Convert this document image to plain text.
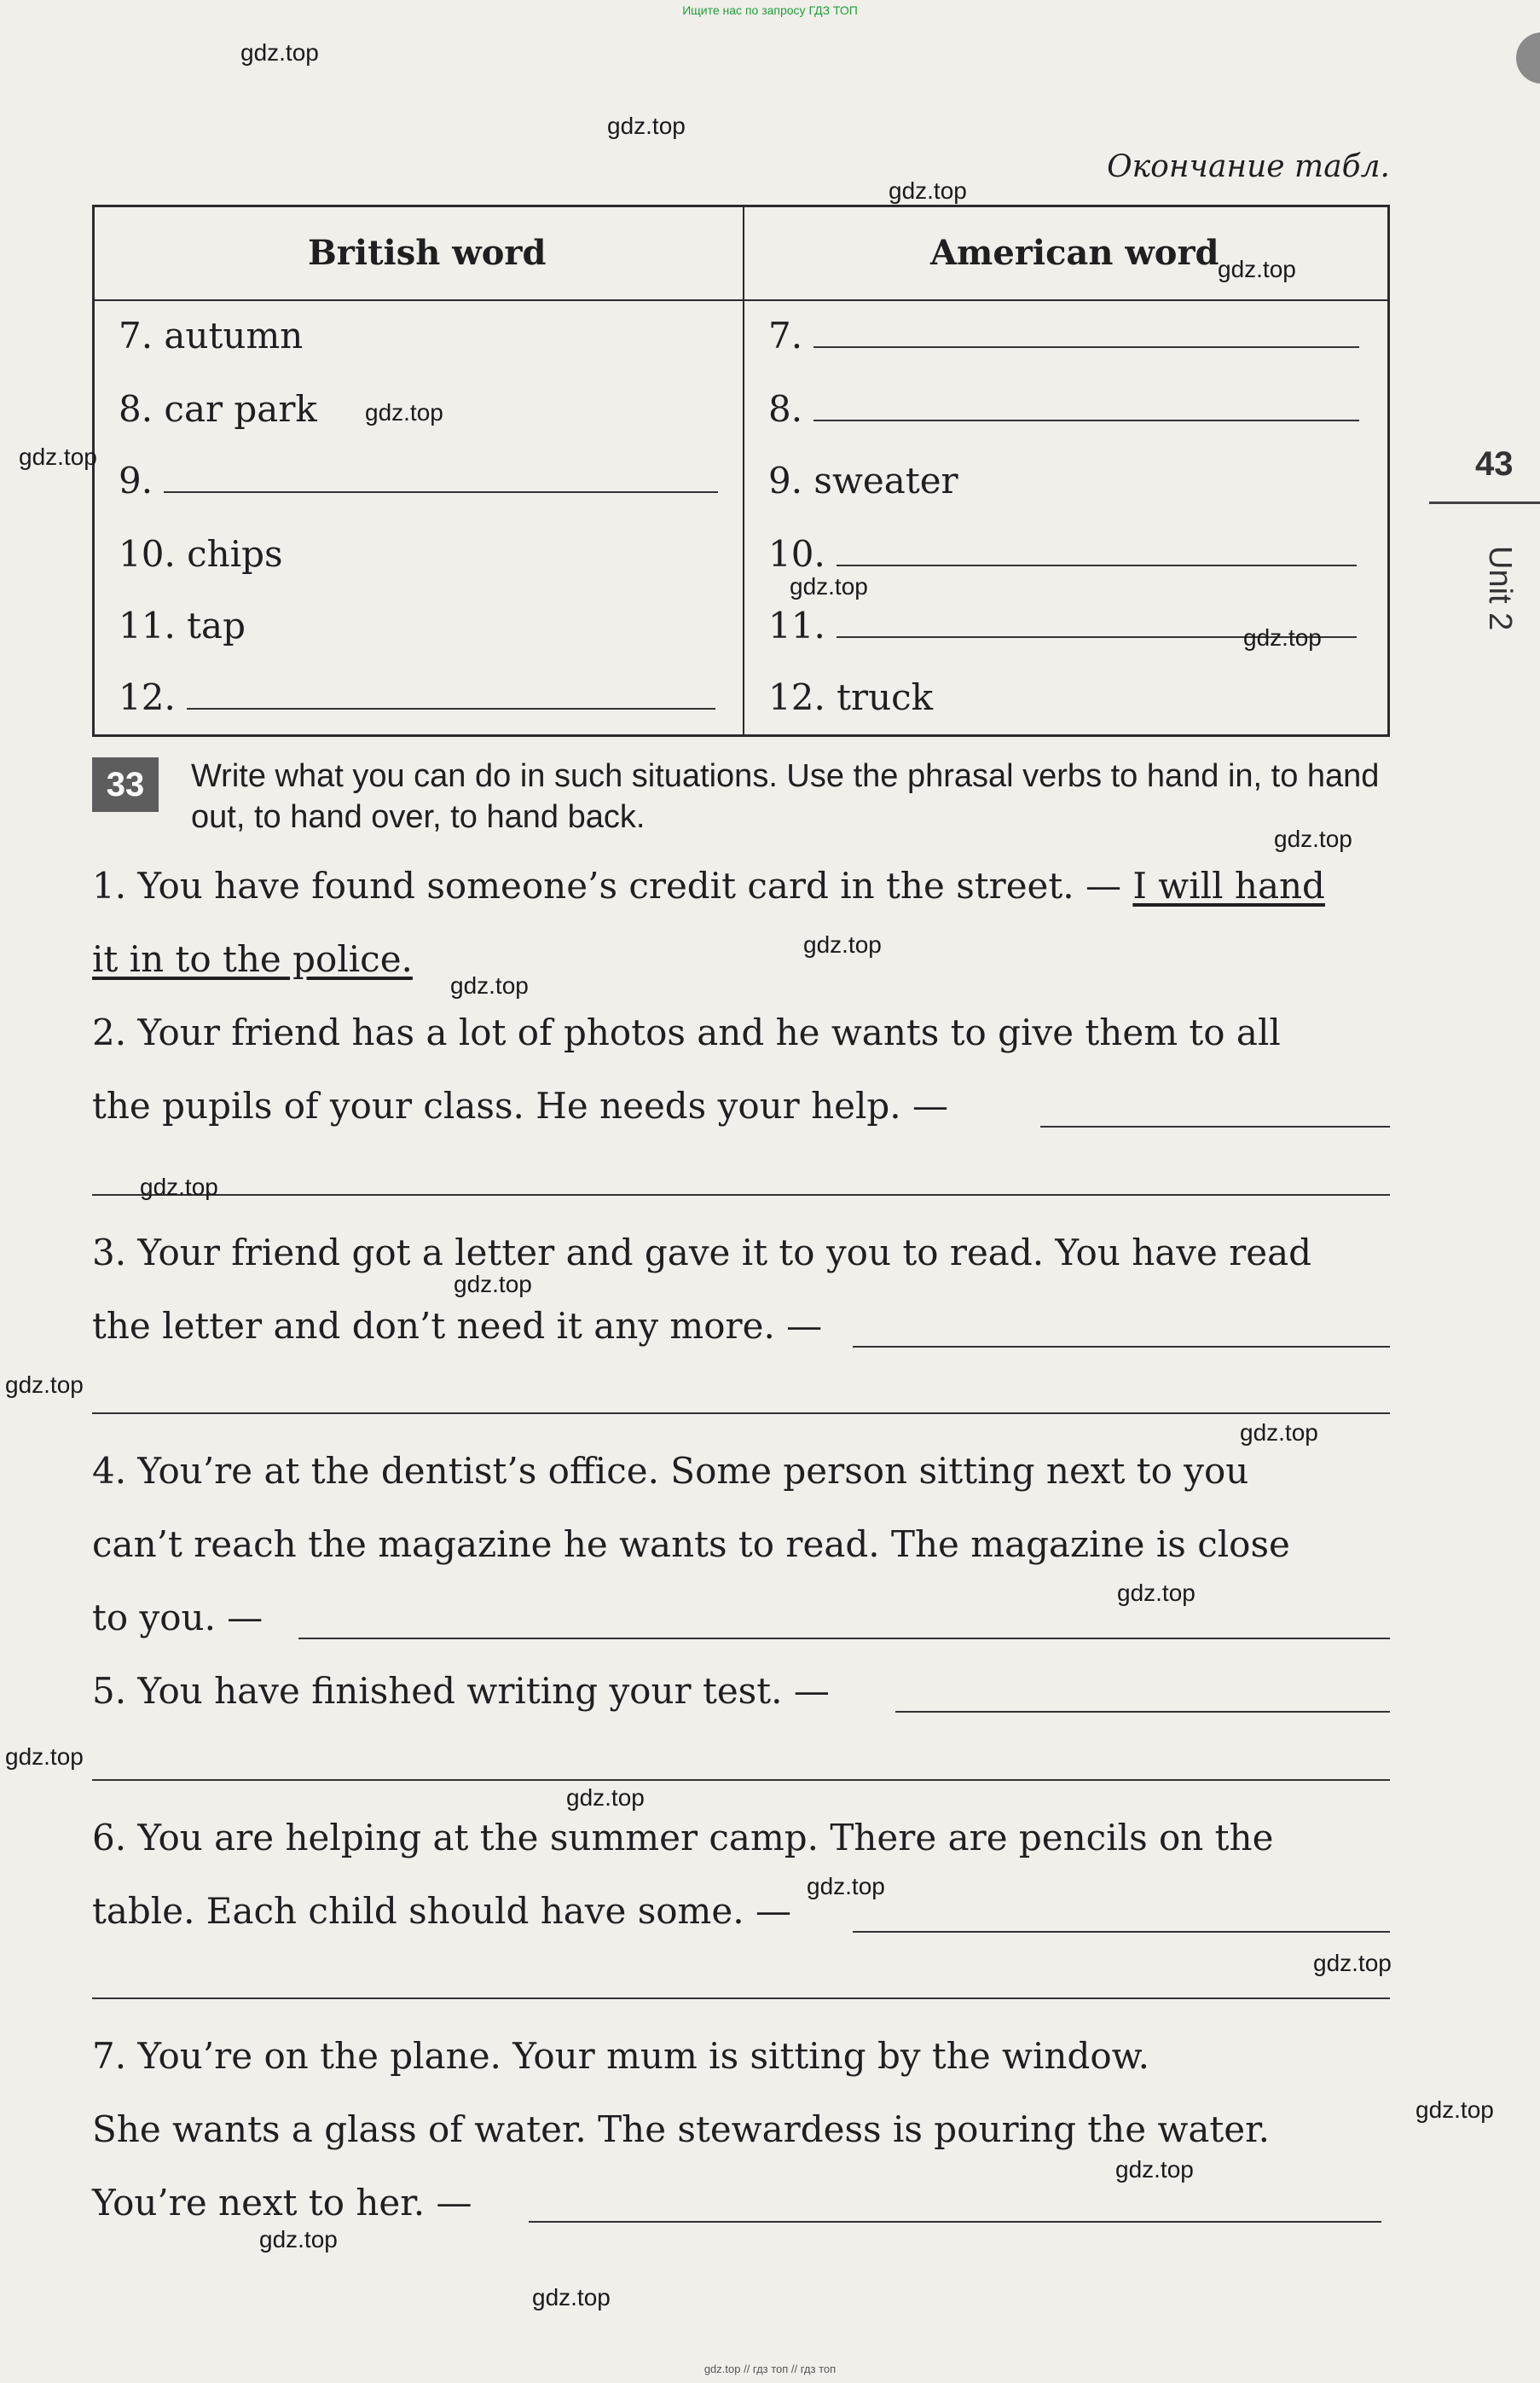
Ищите нас по запросу ГДЗ ТОП
Окончание табл.
British word	American word
7. autumn	7.
8. car park	8.
9.	9. sweater
10. chips	10.
11. tap	11.
12.	12. truck
33	Write what you can do in such situations. Use the phrasal verbs to hand in, to hand out, to hand over, to hand back.
1. You have found someone’s credit card in the street. — I will hand
it in to the police.
2. Your friend has a lot of photos and he wants to give them to all
the pupils of your class. He needs your help. —
3. Your friend got a letter and gave it to you to read. You have read
the letter and don’t need it any more. —
4. You’re at the dentist’s office. Some person sitting next to you
can’t reach the magazine he wants to read. The magazine is close
to you. —
5. You have finished writing your test. —
6. You are helping at the summer camp. There are pencils on the
table. Each child should have some. —
7. You’re on the plane. Your mum is sitting by the window.
She wants a glass of water. The stewardess is pouring the water.
You’re next to her. —
43
Unit 2
gdz.top
gdz.top
gdz.top
gdz.top
gdz.top
gdz.top
gdz.top
gdz.top
gdz.top
gdz.top
gdz.top
gdz.top
gdz.top
gdz.top
gdz.top
gdz.top
gdz.top
gdz.top
gdz.top
gdz.top
gdz.top
gdz.top
gdz.top
gdz.top
gdz.top // гдз топ // гдз топ
